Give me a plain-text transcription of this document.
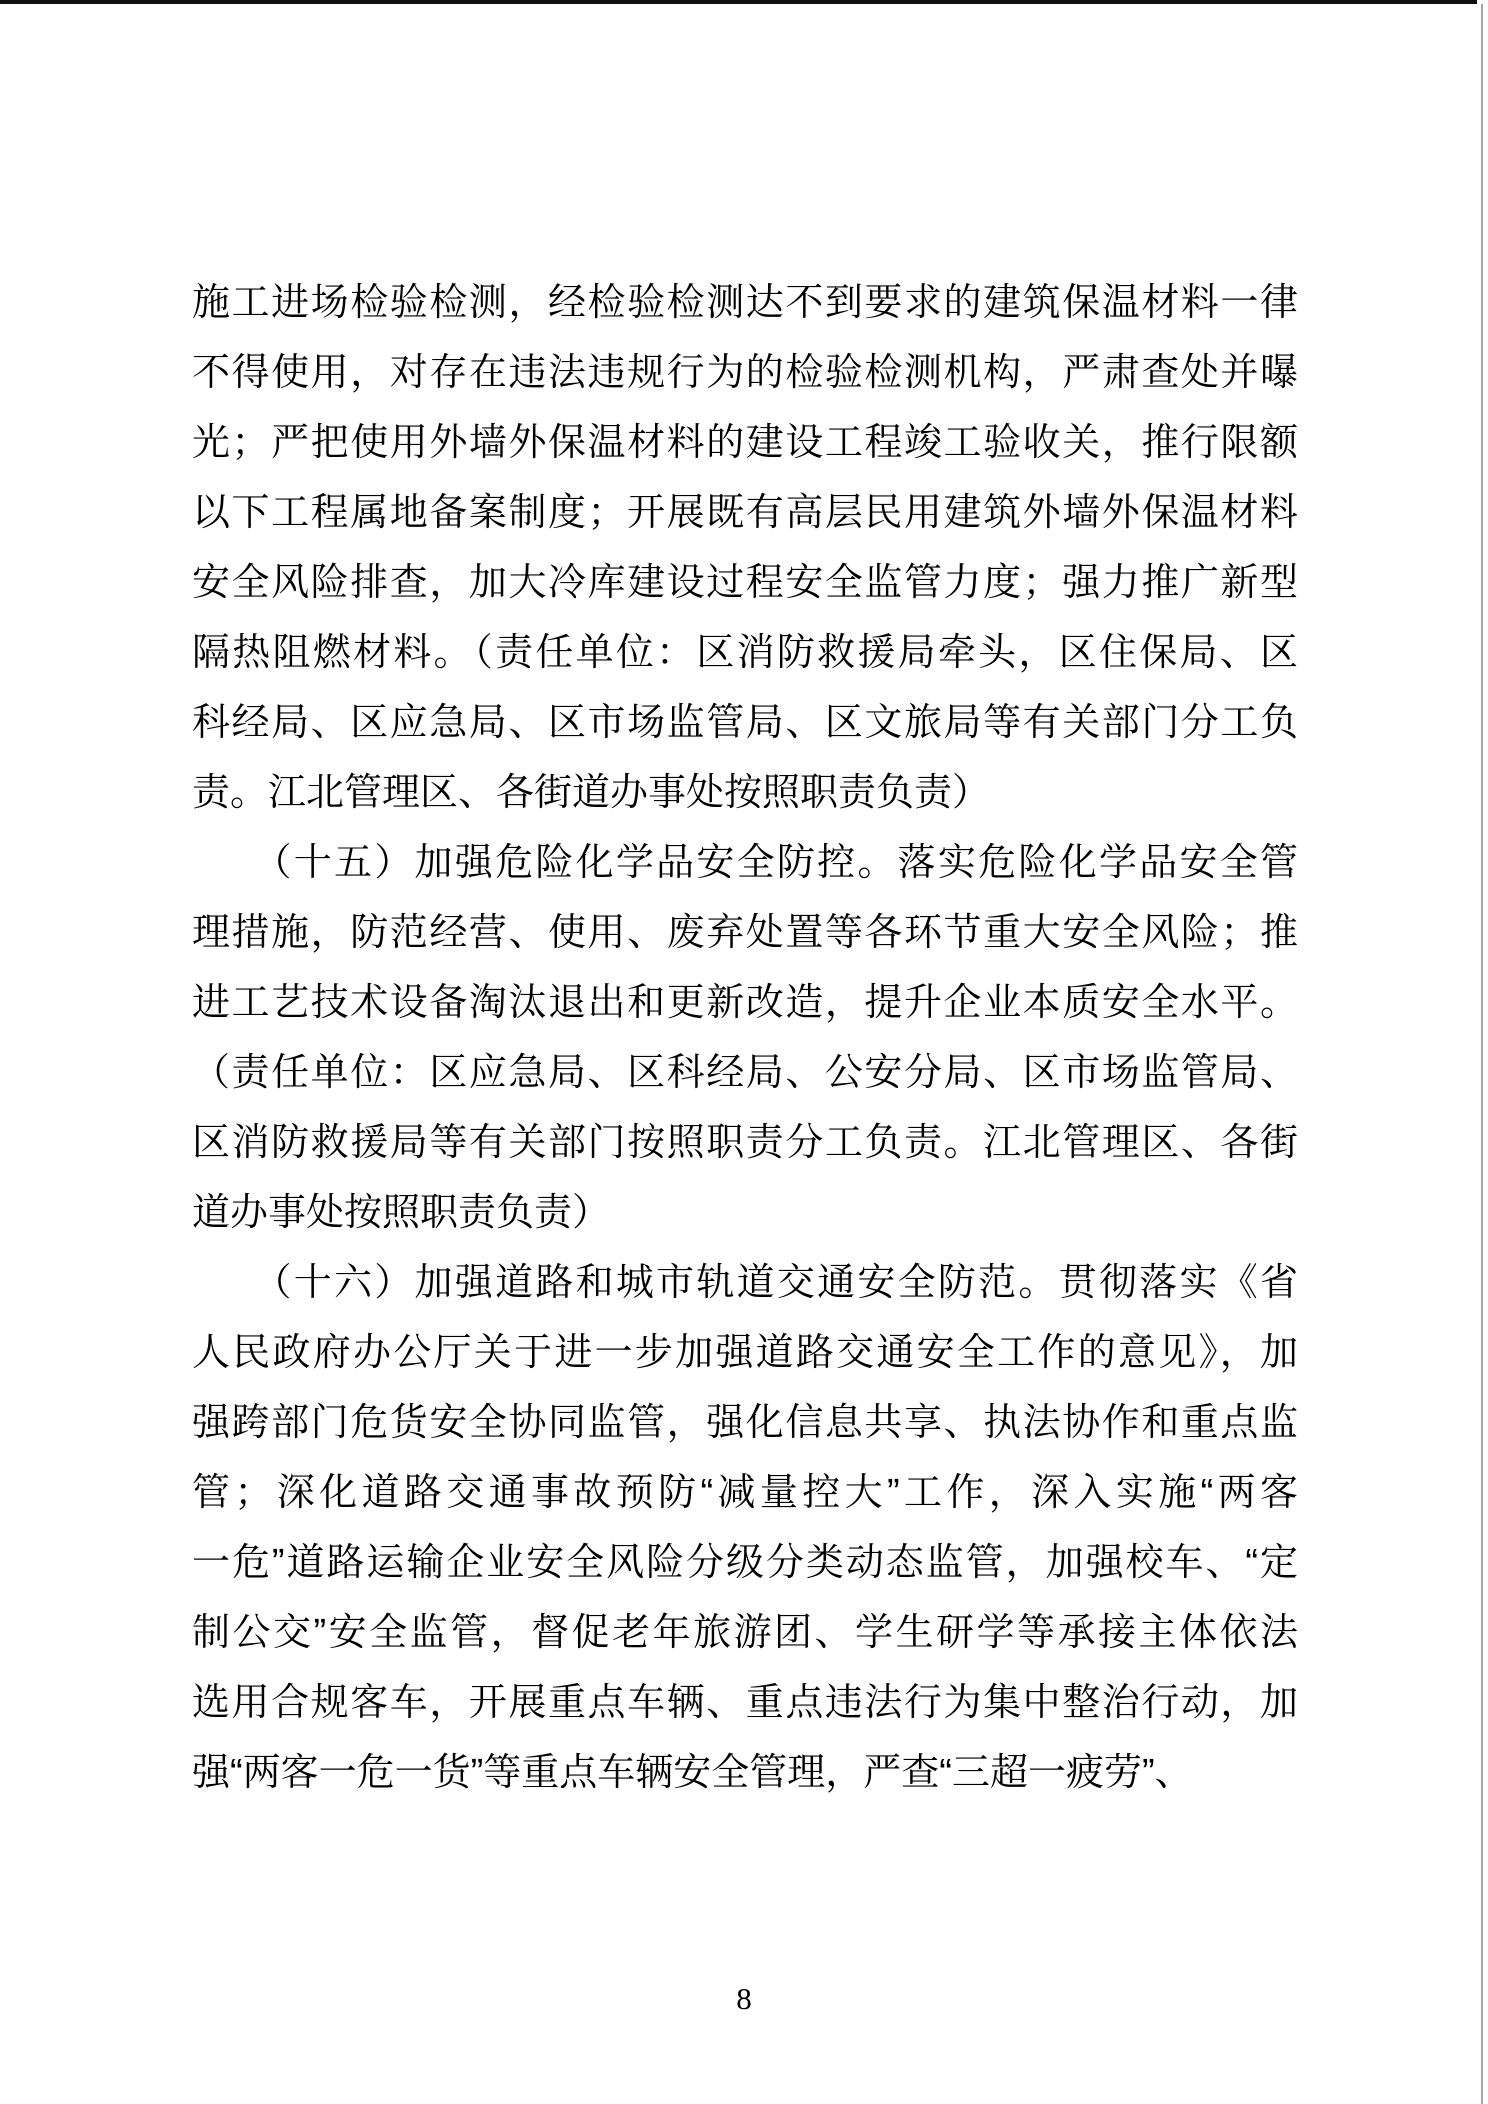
施工进场检验检测，经检验检测达不到要求的建筑保温材料一律
不得使用，对存在违法违规行为的检验检测机构，严肃查处并曝
光；严把使用外墙外保温材料的建设工程竣工验收关，推行限额
以下工程属地备案制度；开展既有高层民用建筑外墙外保温材料
安全风险排查，加大冷库建设过程安全监管力度；强力推广新型
隔热阻燃材料。（责任单位：区消防救援局牵头，区住保局、区
科经局、区应急局、区市场监管局、区文旅局等有关部门分工负
责。江北管理区、各街道办事处按照职责负责）
　　（十五）加强危险化学品安全防控。落实危险化学品安全管
理措施，防范经营、使用、废弃处置等各环节重大安全风险；推
进工艺技术设备淘汰退出和更新改造，提升企业本质安全水平。
（责任单位：区应急局、区科经局、公安分局、区市场监管局、
区消防救援局等有关部门按照职责分工负责。江北管理区、各街
道办事处按照职责负责）
　　（十六）加强道路和城市轨道交通安全防范。贯彻落实《省
人民政府办公厅关于进一步加强道路交通安全工作的意见》，加
强跨部门危货安全协同监管，强化信息共享、执法协作和重点监
管；深化道路交通事故预防“减量控大”工作，深入实施“两客
一危”道路运输企业安全风险分级分类动态监管，加强校车、“定
制公交”安全监管，督促老年旅游团、学生研学等承接主体依法
选用合规客车，开展重点车辆、重点违法行为集中整治行动，加
强“两客一危一货”等重点车辆安全管理，严查“三超一疲劳”、
8
